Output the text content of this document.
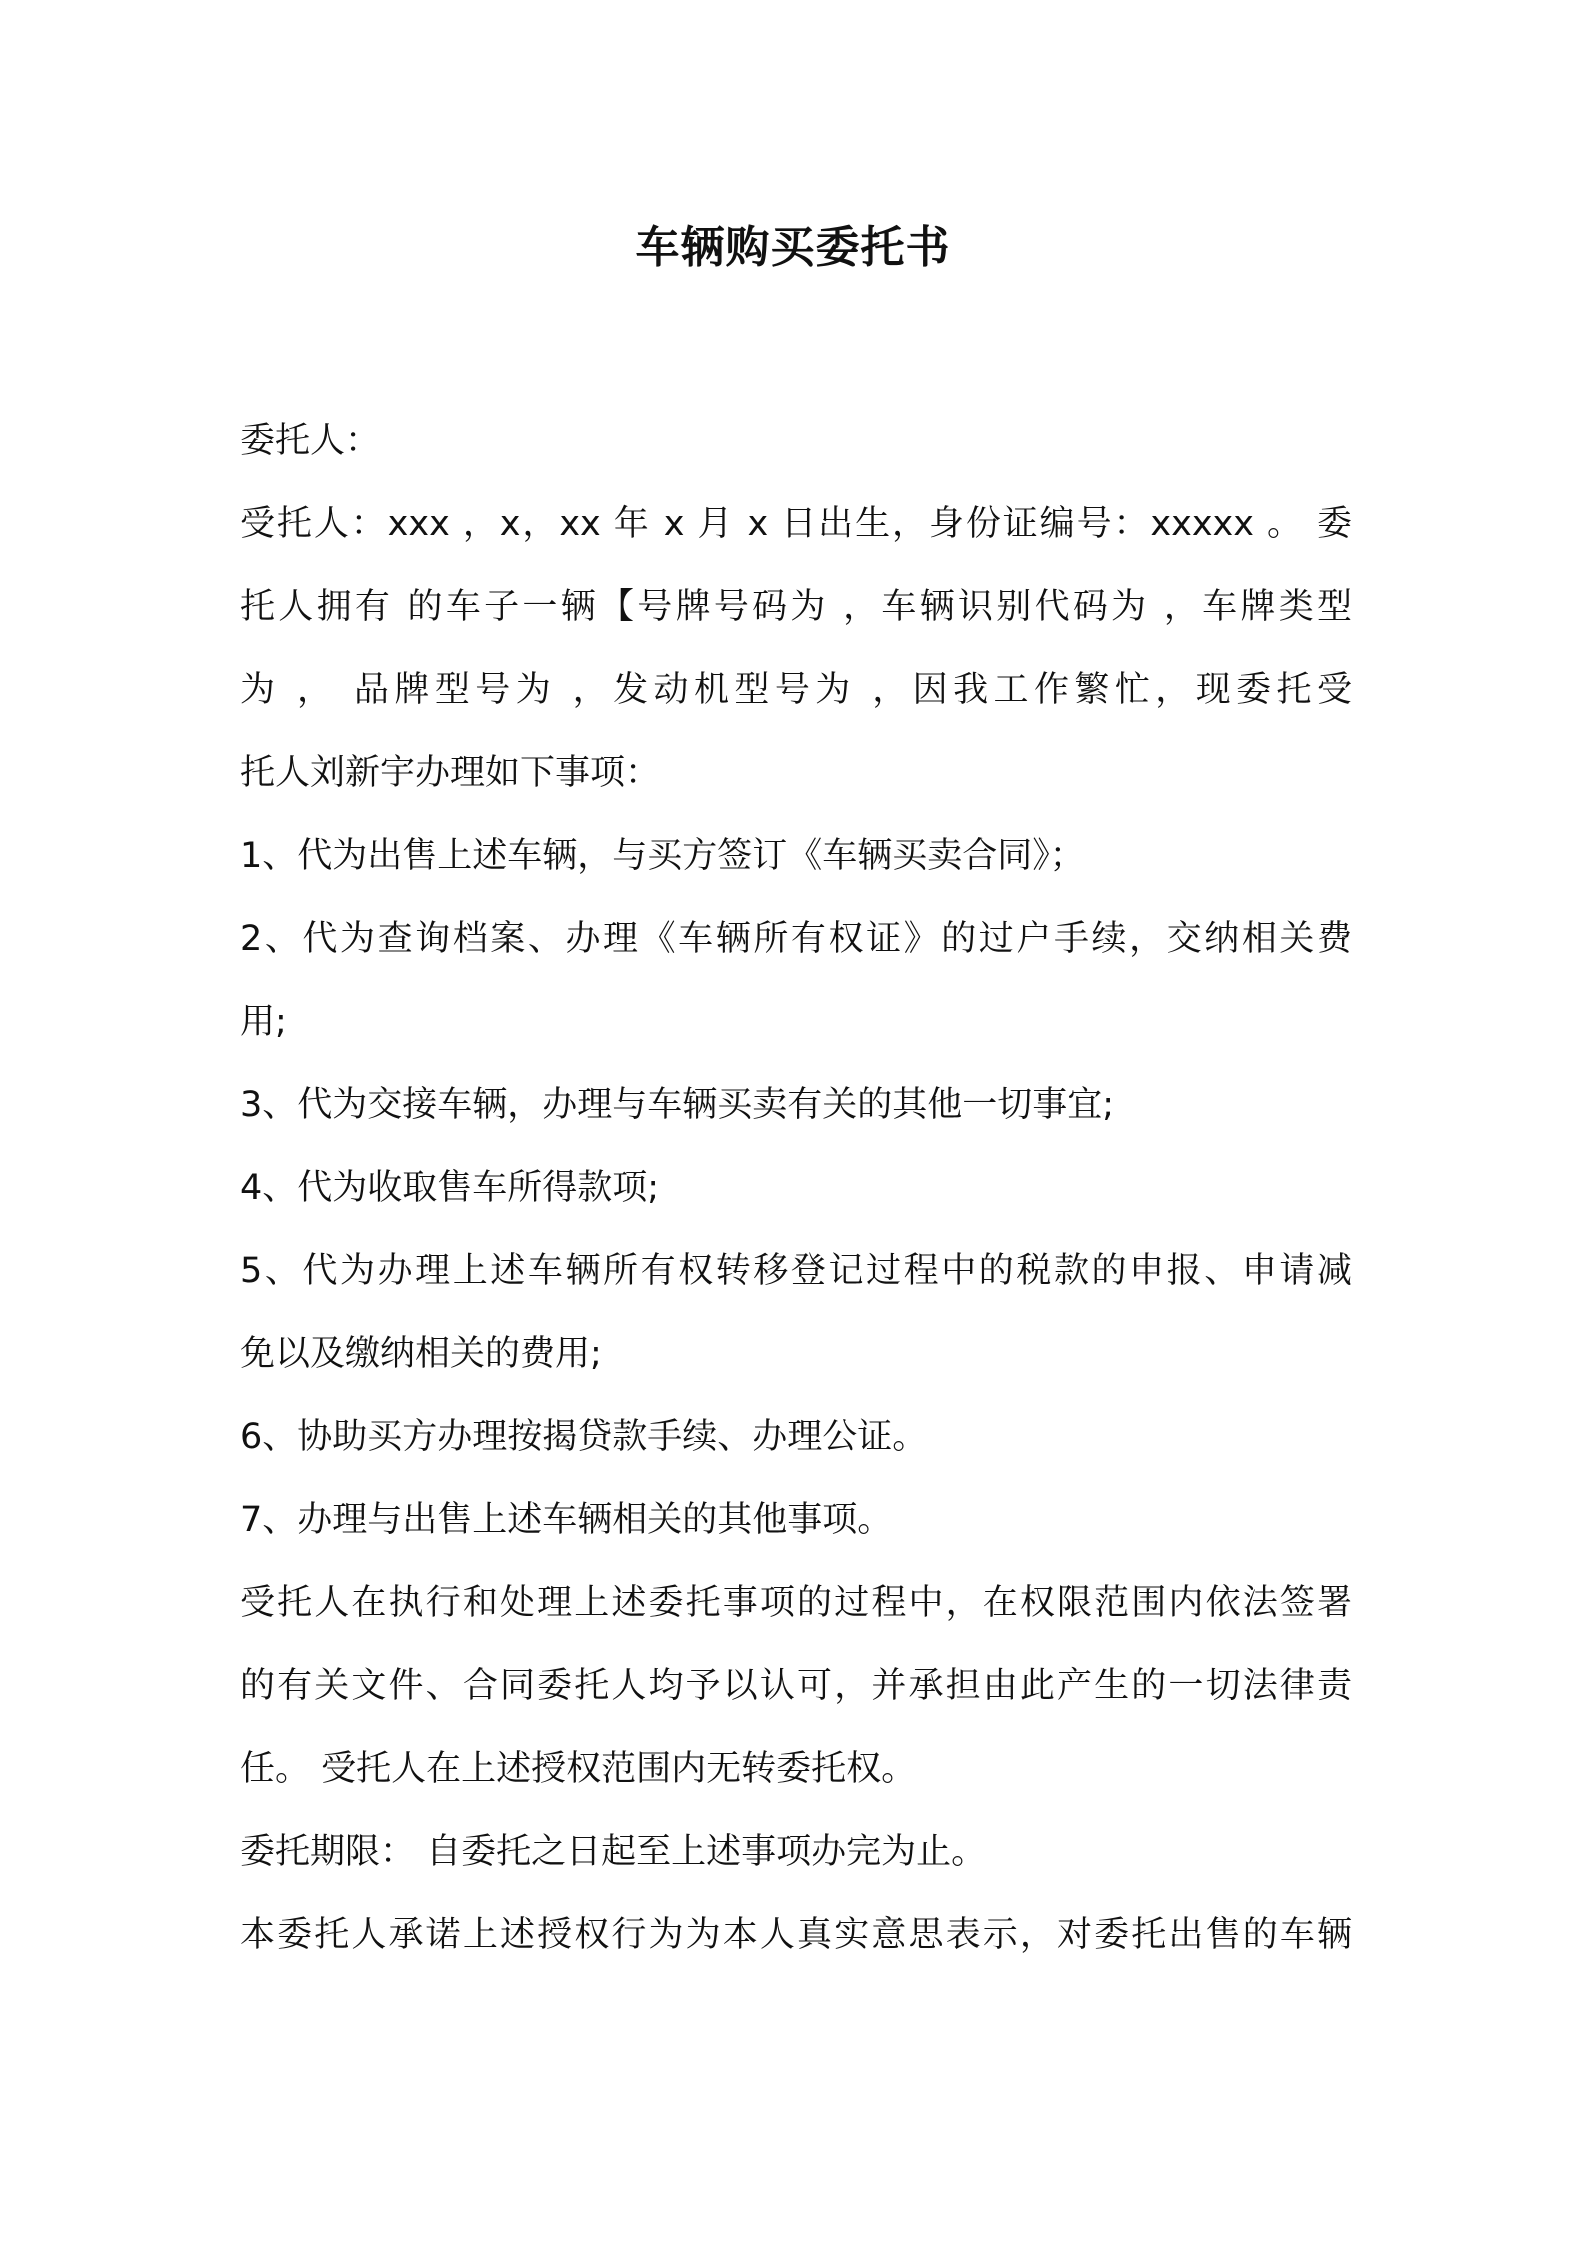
车辆购买委托书
委托人：
受托人：xxx ，x，xx 年 x 月 x 日出生，身份证编号：xxxxx 。 委
托人拥有 的车子一辆【号牌号码为 ，车辆识别代码为 ，车牌类型
为 ， 品牌型号为 ，发动机型号为 ，因我工作繁忙，现委托受
托人刘新宇办理如下事项：
1、代为出售上述车辆，与买方签订《车辆买卖合同》；
2、代为查询档案、办理《车辆所有权证》的过户手续，交纳相关费
用;
3、代为交接车辆，办理与车辆买卖有关的其他一切事宜;
4、代为收取售车所得款项;
5、代为办理上述车辆所有权转移登记过程中的税款的申报、申请减
免以及缴纳相关的费用;
6、协助买方办理按揭贷款手续、办理公证。
7、办理与出售上述车辆相关的其他事项。
受托人在执行和处理上述委托事项的过程中，在权限范围内依法签署
的有关文件、合同委托人均予以认可，并承担由此产生的一切法律责
任。 受托人在上述授权范围内无转委托权。
委托期限： 自委托之日起至上述事项办完为止。
本委托人承诺上述授权行为为本人真实意思表示，对委托出售的车辆
